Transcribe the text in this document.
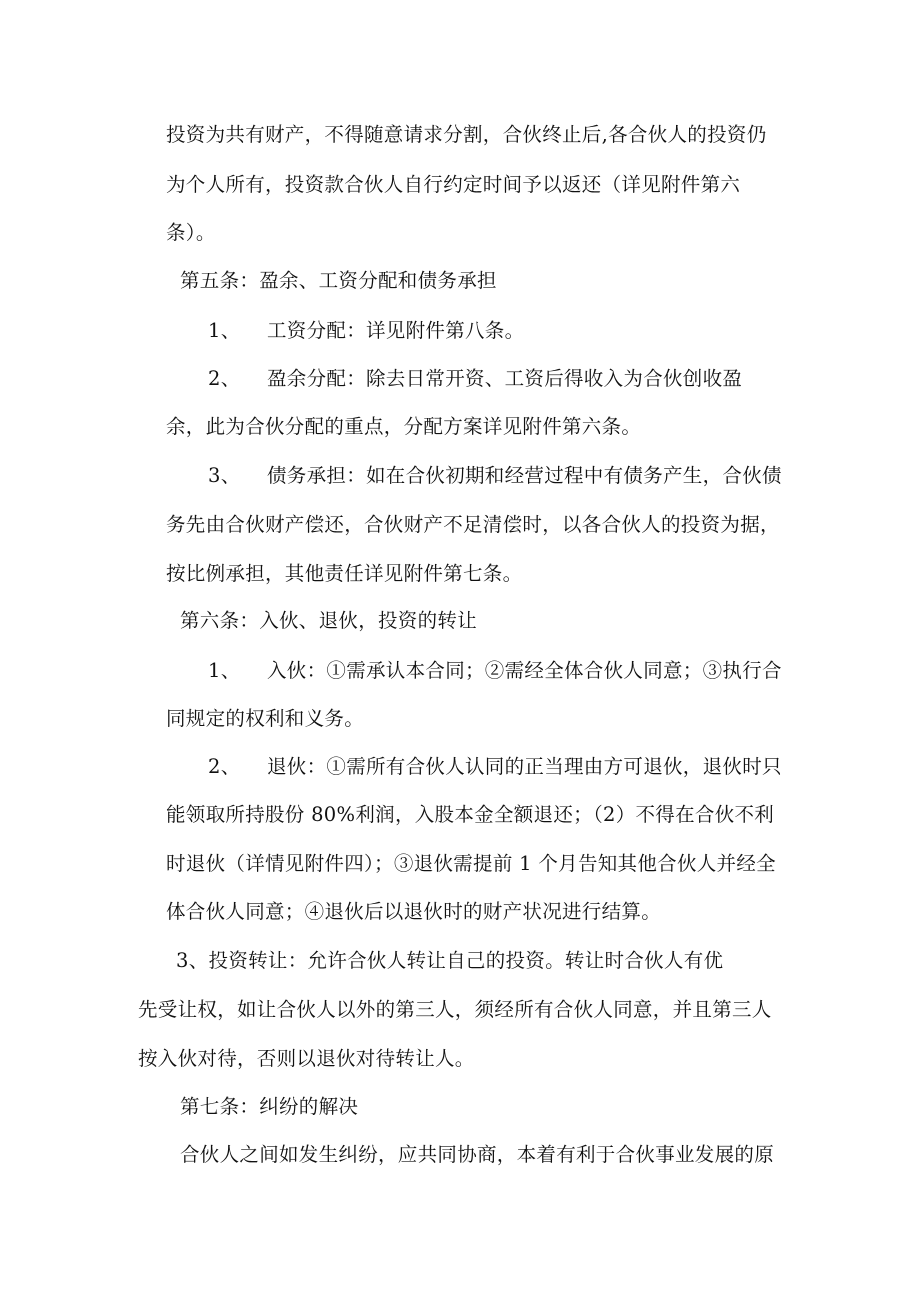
投资为共有财产，不得随意请求分割，合伙终止后,各合伙人的投资仍
为个人所有，投资款合伙人自行约定时间予以返还（详见附件第六
条）。
第五条：盈余、工资分配和债务承担
1、 工资分配：详见附件第八条。
2、 盈余分配：除去日常开资、工资后得收入为合伙创收盈
余，此为合伙分配的重点，分配方案详见附件第六条。
3、 债务承担：如在合伙初期和经营过程中有债务产生，合伙债
务先由合伙财产偿还，合伙财产不足清偿时，以各合伙人的投资为据，
按比例承担，其他责任详见附件第七条。
第六条：入伙、退伙，投资的转让
1、 入伙：①需承认本合同；②需经全体合伙人同意；③执行合
同规定的权利和义务。
2、 退伙：①需所有合伙人认同的正当理由方可退伙，退伙时只
能领取所持股份 80%利润，入股本金全额退还；（2）不得在合伙不利
时退伙（详情见附件四）；③退伙需提前 1 个月告知其他合伙人并经全
体合伙人同意；④退伙后以退伙时的财产状况进行结算。
3、投资转让：允许合伙人转让自己的投资。转让时合伙人有优
先受让权，如让合伙人以外的第三人，须经所有合伙人同意，并且第三人
按入伙对待，否则以退伙对待转让人。
第七条：纠纷的解决
合伙人之间如发生纠纷，应共同协商，本着有利于合伙事业发展的原
